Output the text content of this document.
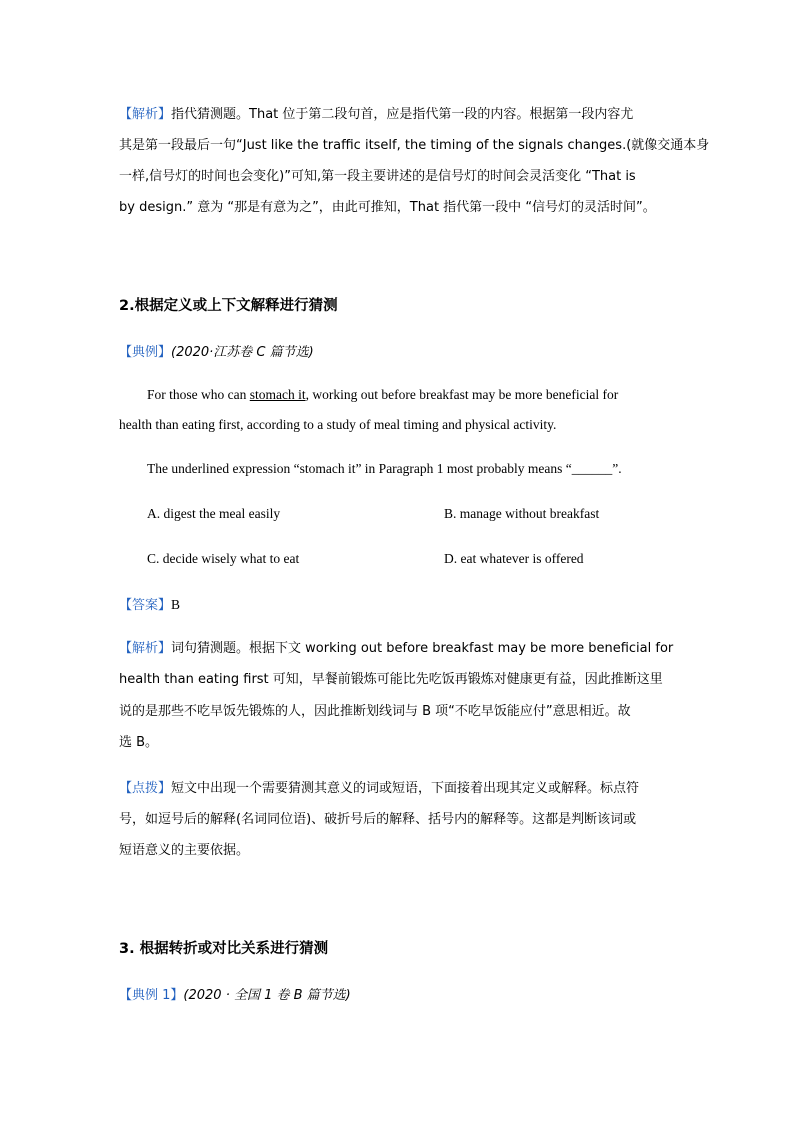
【解析】指代猜测题。That 位于第二段句首，应是指代第一段的内容。根据第一段内容尤
其是第一段最后一句“Just like the traffic itself, the timing of the signals changes.(就像交通本身
一样,信号灯的时间也会变化)”可知,第一段主要讲述的是信号灯的时间会灵活变化 “That is
by design.” 意为 “那是有意为之”，由此可推知，That 指代第一段中 “信号灯的灵活时间”。
2.根据定义或上下文解释进行猜测
【典例】(2020·江苏卷 C 篇节选)
For those who can stomach it, working out before breakfast may be more beneficial for
health than eating first, according to a study of meal timing and physical activity.
The underlined expression “stomach it” in Paragraph 1 most probably means “______”.
A. digest the meal easily	B. manage without breakfast
C. decide wisely what to eat	D. eat whatever is offered
【答案】B
【解析】词句猜测题。根据下文 working out before breakfast may be more beneficial for
health than eating first 可知，早餐前锻炼可能比先吃饭再锻炼对健康更有益，因此推断这里
说的是那些不吃早饭先锻炼的人，因此推断划线词与 B 项“不吃早饭能应付”意思相近。故
选 B。
【点拨】短文中出现一个需要猜测其意义的词或短语，下面接着出现其定义或解释。标点符
号，如逗号后的解释(名词同位语)、破折号后的解释、括号内的解释等。这都是判断该词或
短语意义的主要依据。
3. 根据转折或对比关系进行猜测
【典例 1】(2020 · 全国 1 卷 B 篇节选)
